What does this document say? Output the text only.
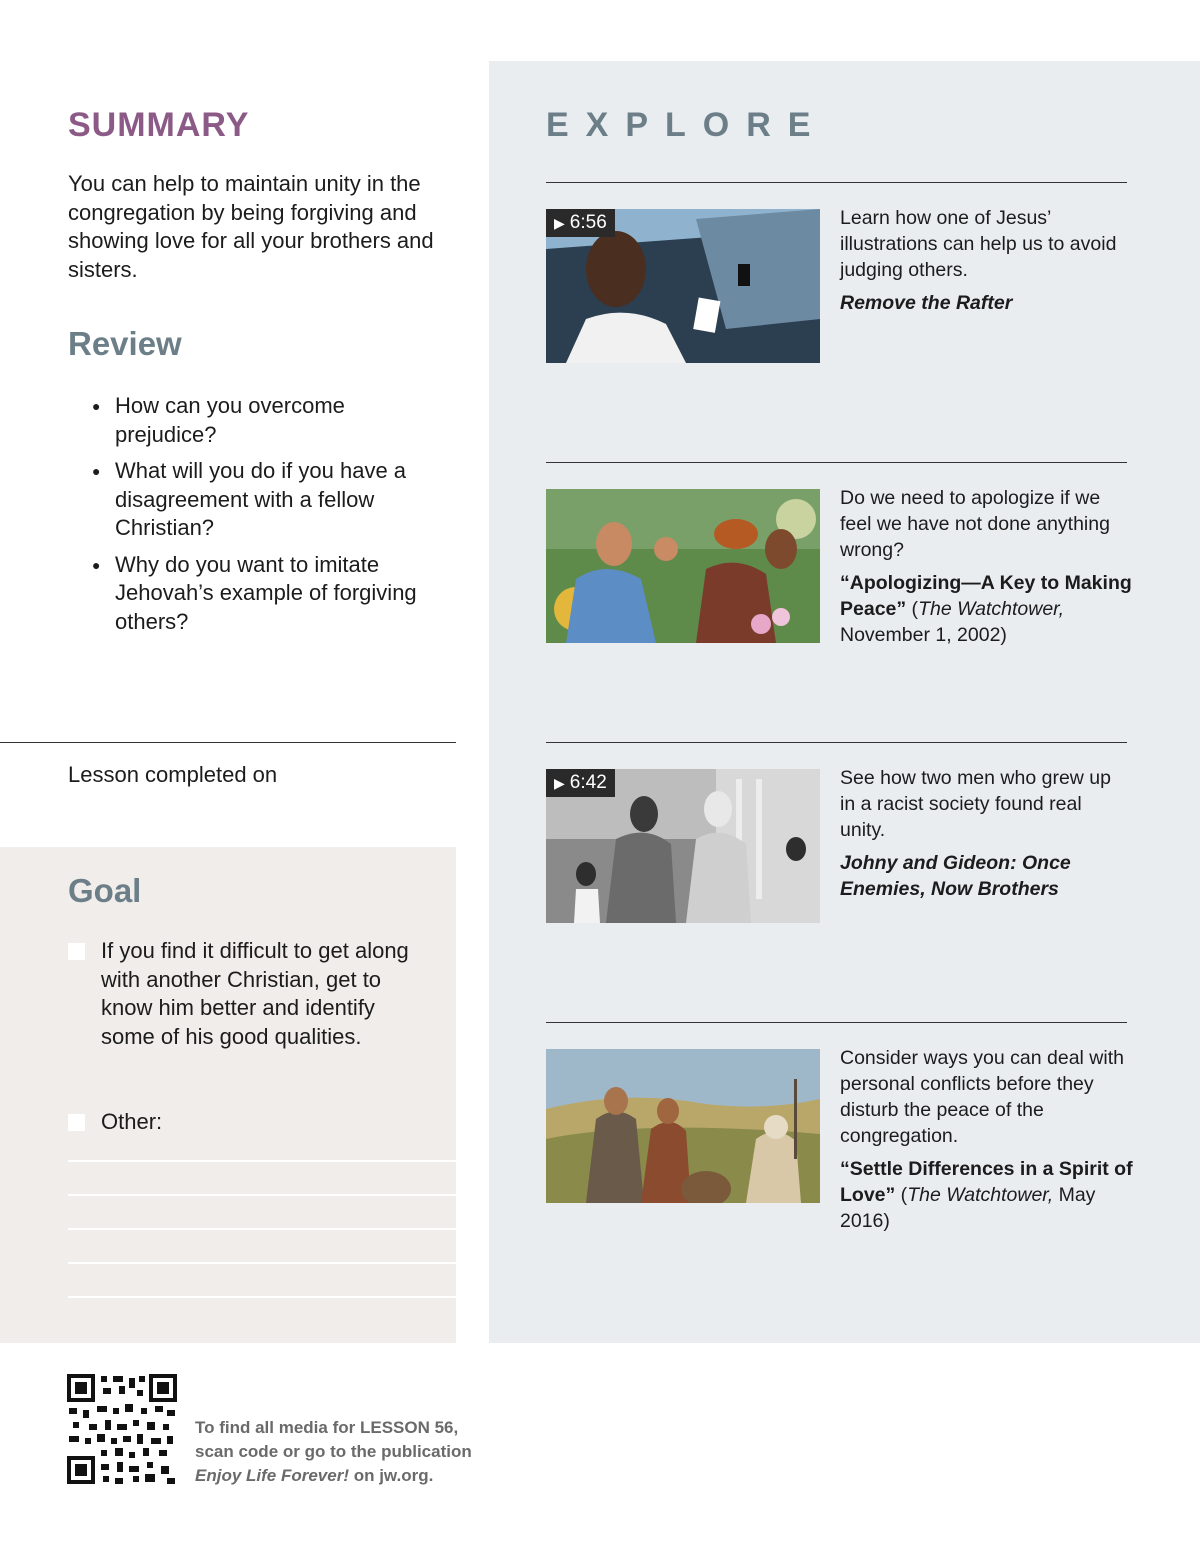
SUMMARY
You can help to maintain unity in the congregation by being forgiving and showing love for all your brothers and sisters.
Review
● How can you overcome prejudice?
● What will you do if you have a disagreement with a fellow Christian?
● Why do you want to imitate Jehovah’s example of forgiving others?
Lesson completed on
Goal
If you find it difficult to get along with another Christian, get to know him better and identify some of his good qualities.
Other:
EXPLORE
▶ 6:56	Learn how one of Jesus’ illustrations can help us to avoid judging others.
Remove the Rafter
Do we need to apologize if we feel we have not done anything wrong?
“Apologizing—A Key to Making Peace” (The Watchtower, November 1, 2002)
▶ 6:42	See how two men who grew up in a racist society found real unity.
Johny and Gideon: Once Enemies, Now Brothers
Consider ways you can deal with personal conflicts before they disturb the peace of the congregation.
“Settle Differences in a Spirit of Love” (The Watchtower, May 2016)
To find all media for LESSON 56,
scan code or go to the publication
Enjoy Life Forever! on jw.org.
